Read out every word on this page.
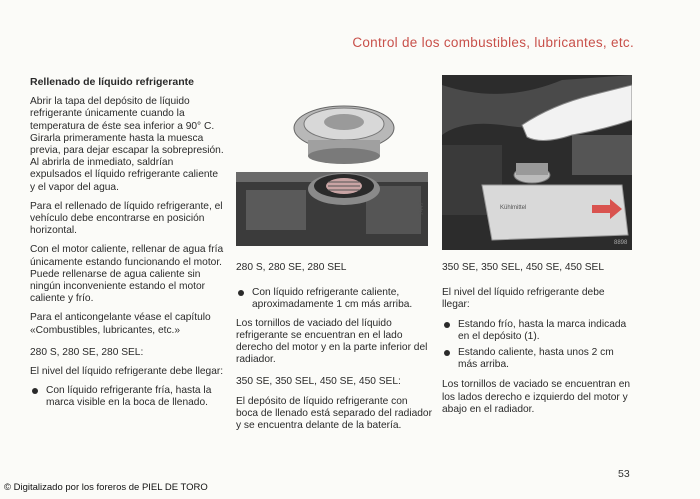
Control de los combustibles, lubricantes, etc.

Rellenado de líquido refrigerante

Abrir la tapa del depósito de líquido refrigerante únicamente cuando la temperatura de éste sea inferior a 90° C. Girarla primeramente hasta la muesca previa, para dejar escapar la sobrepresión. Al abrirla de inmediato, saldrían expulsados el líquido refrigerante caliente y el vapor del agua.

Para el rellenado de líquido refrigerante, el vehículo debe encontrarse en posición horizontal.

Con el motor caliente, rellenar de agua fría únicamente estando funcionando el motor. Puede rellenarse de agua caliente sin ningún inconveniente estando el motor caliente y frío.

Para el anticongelante véase el capítulo «Combustibles, lubricantes, etc.»

280 S, 280 SE, 280 SEL:

El nivel del líquido refrigerante debe llegar:

Con líquido refrigerante fría, hasta la marca visible en la boca de llenado.

7447

280 S, 280 SE, 280 SEL

Con líquido refrigerante caliente, aproximadamente 1 cm más arriba.

Los tornillos de vaciado del líquido refrigerante se encuentran en el lado derecho del motor y en la parte inferior del radiador.

350 SE, 350 SEL, 450 SE, 450 SEL:

El depósito de líquido refrigerante con boca de llenado está separado del radiador y se encuentra delante de la batería.

8898
Kühlmittel

350 SE, 350 SEL, 450 SE, 450 SEL

El nivel del líquido refrigerante debe llegar:

Estando frío, hasta la marca indicada en el depósito (1).

Estando caliente, hasta unos 2 cm más arriba.

Los tornillos de vaciado se encuentran en los lados derecho e izquierdo del motor y abajo en el radiador.

53
© Digitalizado por los foreros de PIEL DE TORO
